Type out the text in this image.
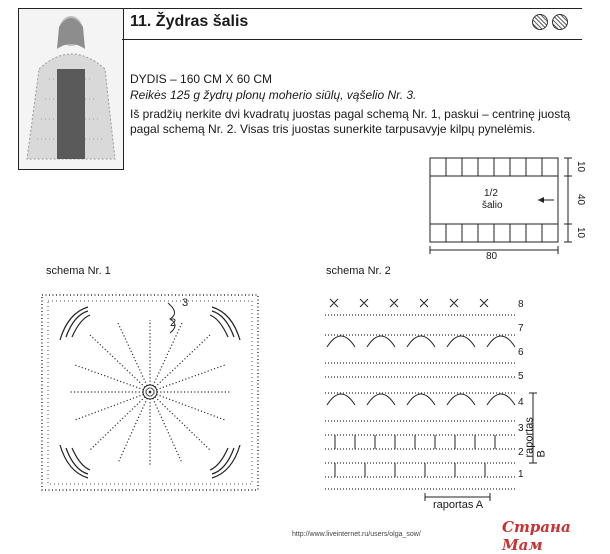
11. Žydras šalis
DYDIS – 160 CM X 60 CM
Reikės 125 g žydrų plonų moherio siūlų, vąšelio Nr. 3.
Iš pradžių nerkite dvi kvadratų juostas pagal schemą Nr. 1, paskui – centrinę juostą pagal schemą Nr. 2. Visas tris juostas sunerkite tarpusavyje kilpų pynelėmis.
1/2
šalio
80
40
10
10
schema Nr. 1	schema Nr. 2
3
2
8
7
6
5
4
3
2
1
raportas A
raportas B
http://www.liveinternet.ru/users/olga_sow/	Страна Мам
